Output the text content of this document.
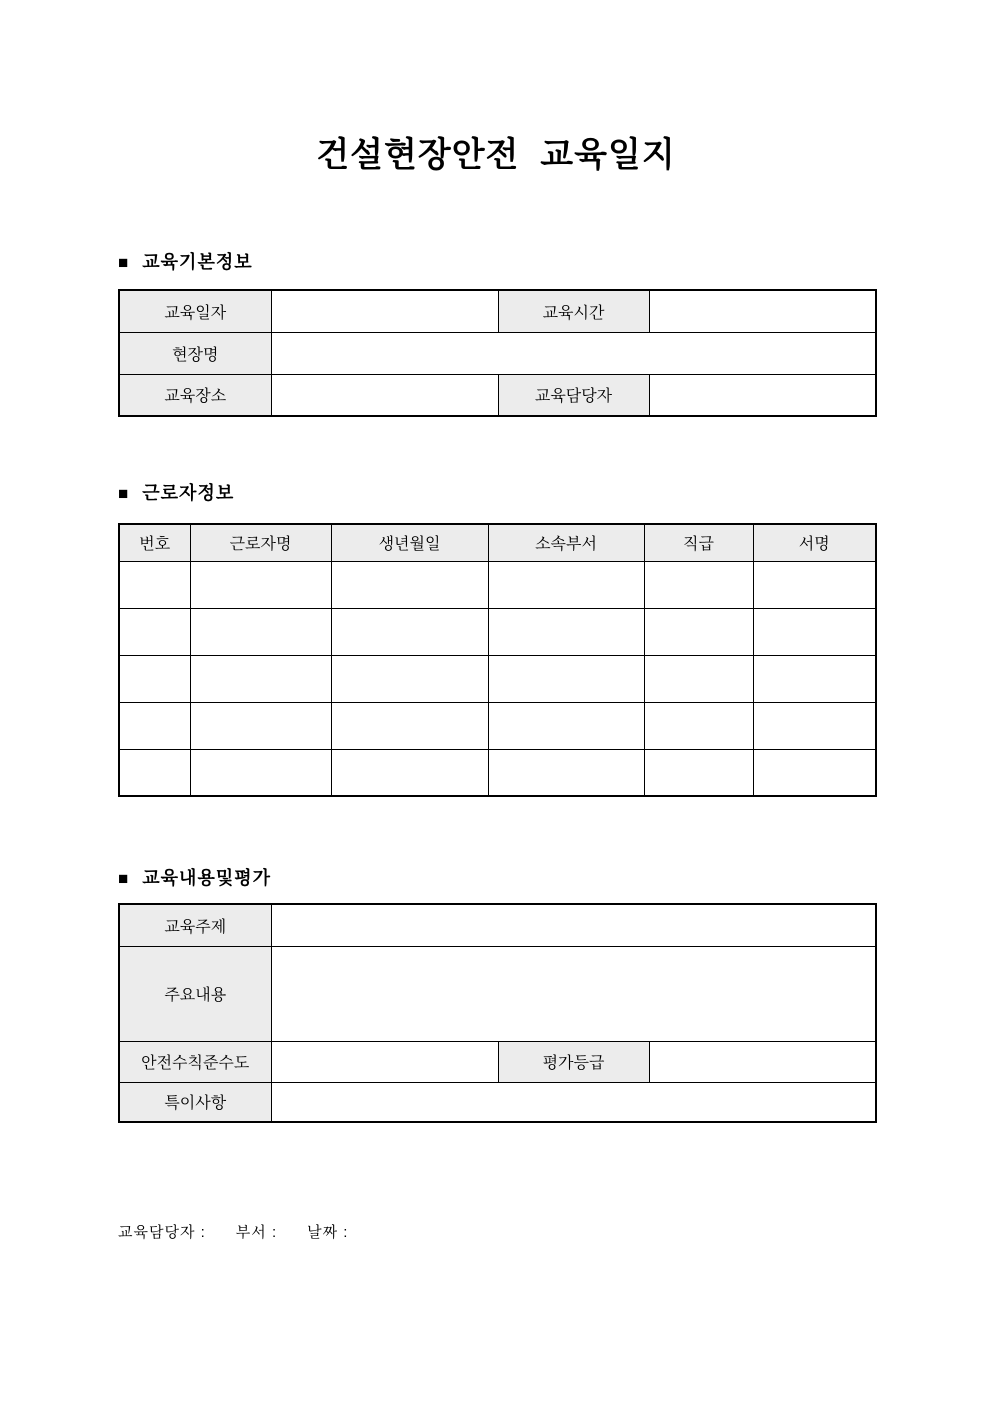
건설현장안전  교육일지
■ 교육기본정보
교육일자		교육시간	
현장명			
교육장소		교육담당자	
■ 근로자정보
번호	근로자명	생년월일	소속부서	직급	서명

■ 교육내용및평가
교육주제			
주요내용			
안전수칙준수도		평가등급	
특이사항			
교육담당자 : 부서 : 날짜 :
